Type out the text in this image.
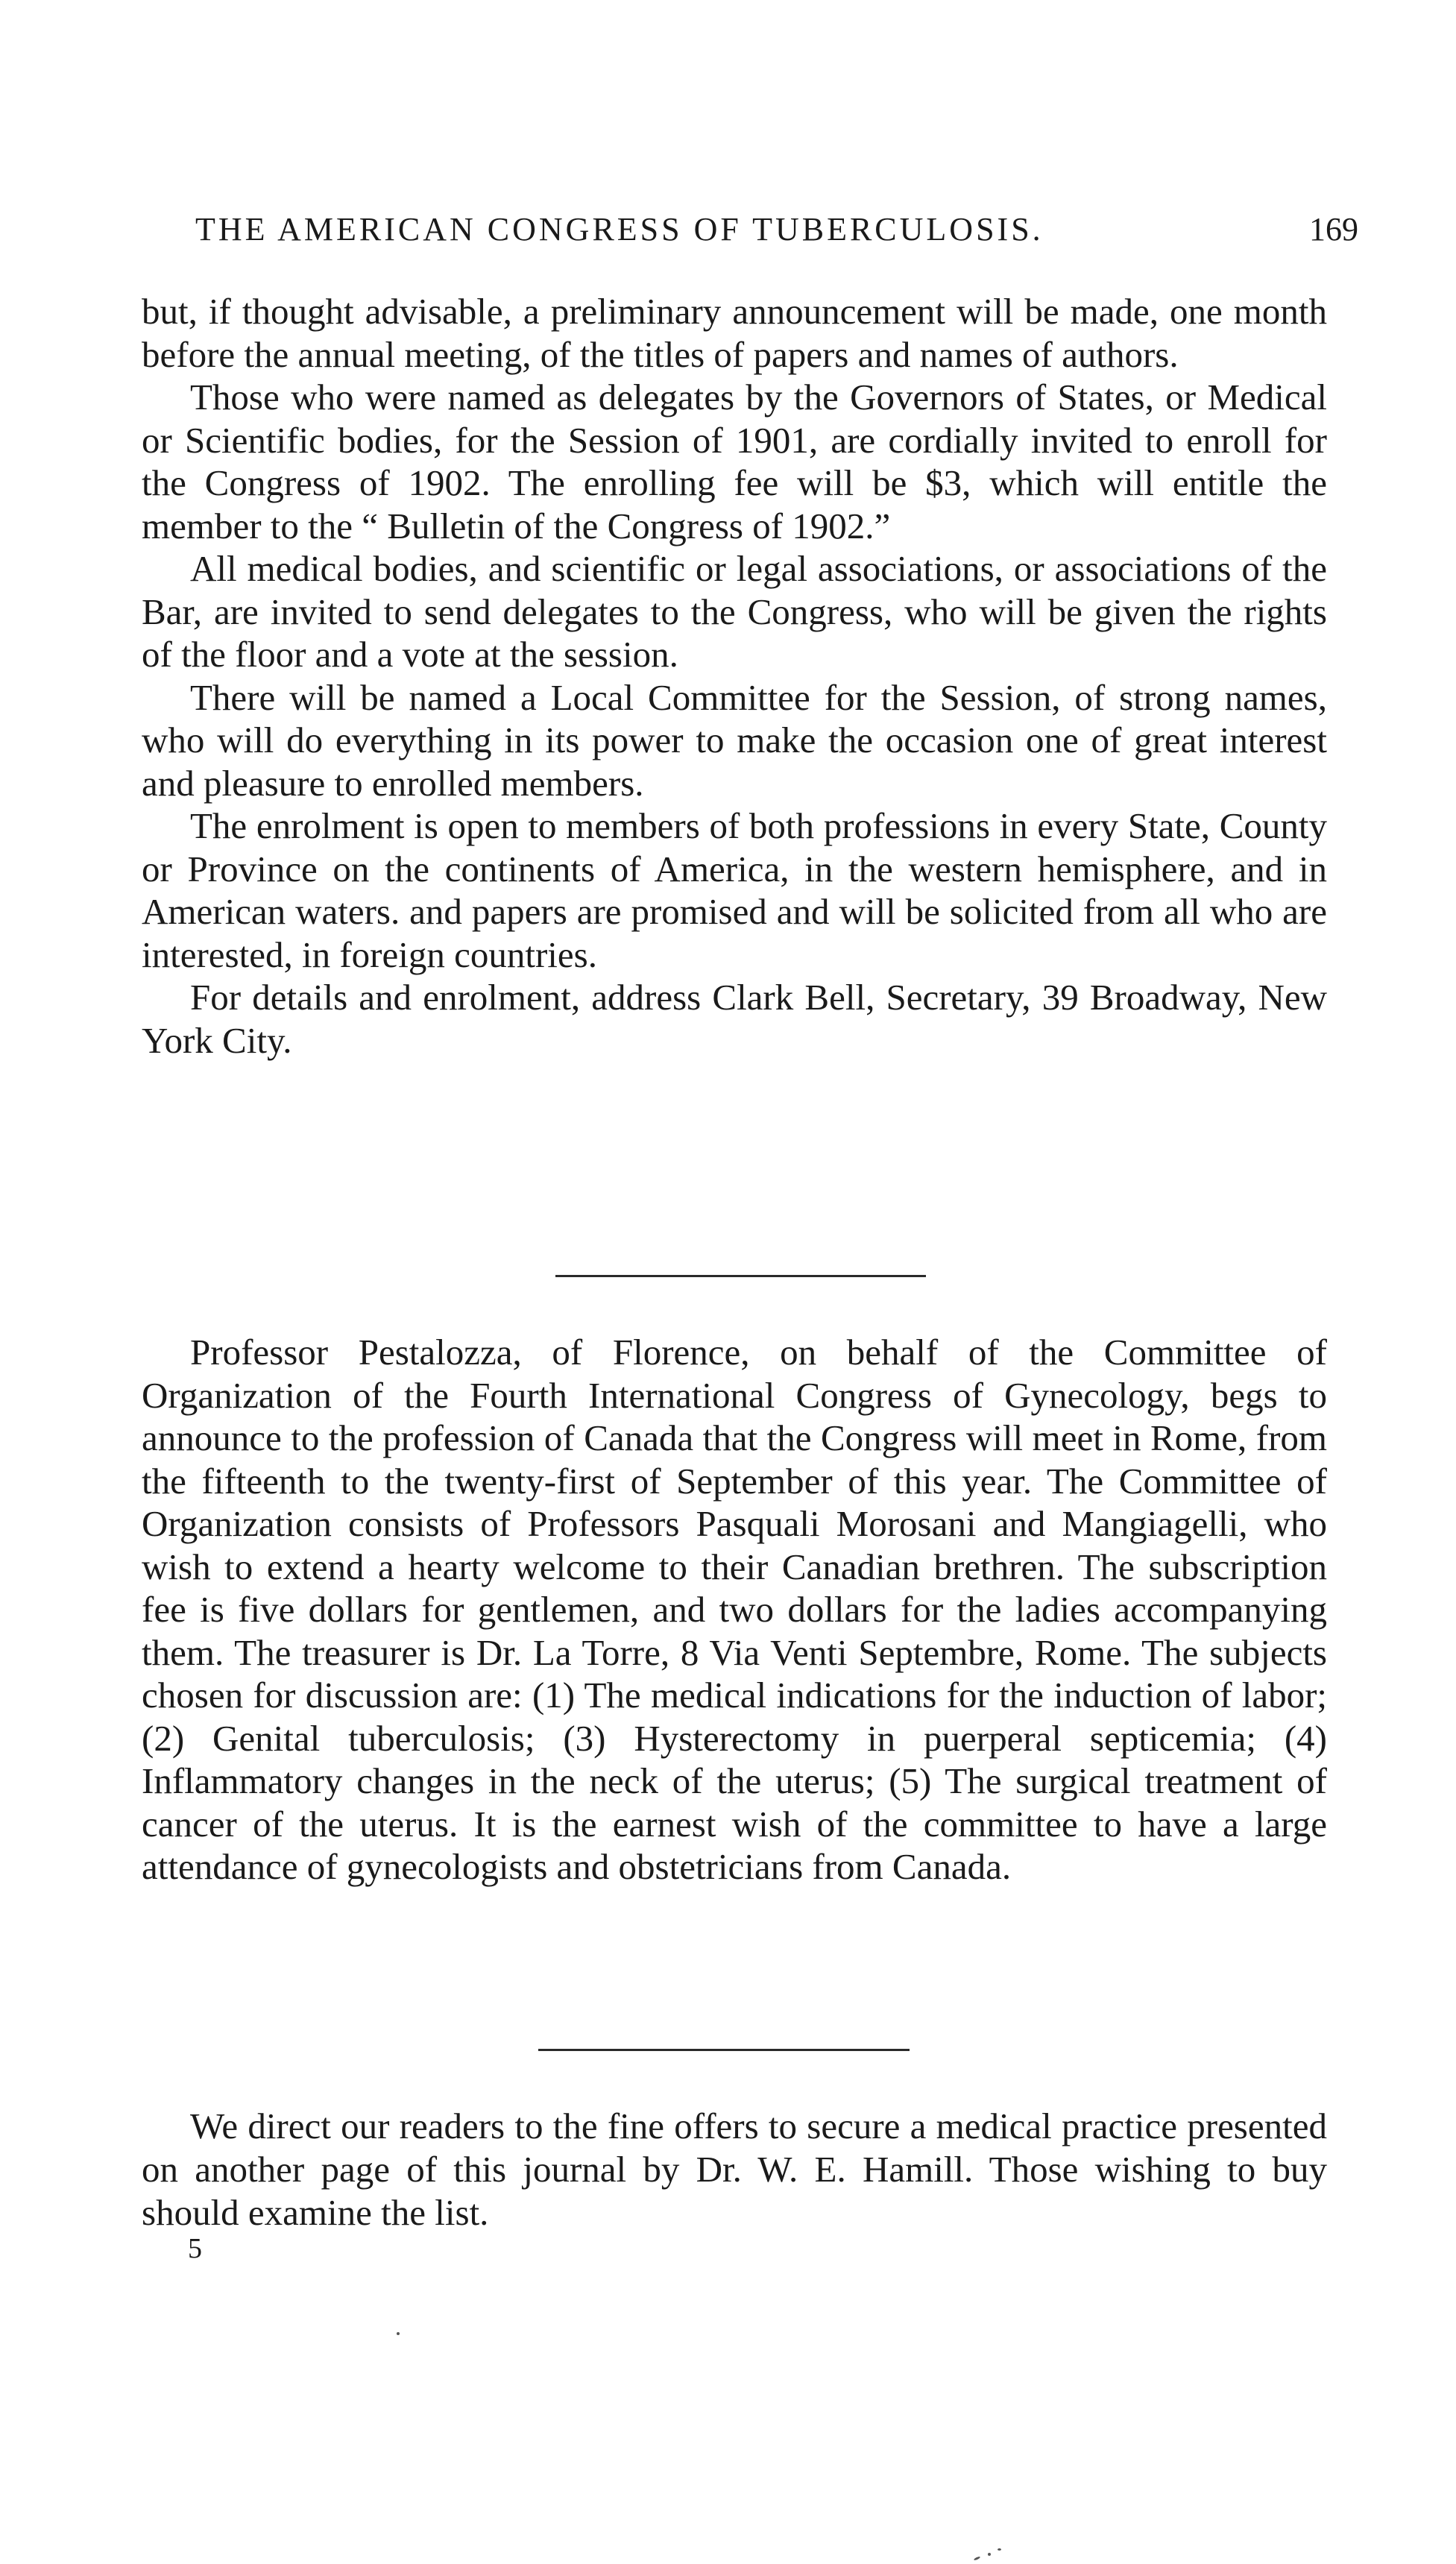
THE AMERICAN CONGRESS OF TUBERCULOSIS.	169

but, if thought advisable, a preliminary announcement will be made, one month before the annual meeting, of the titles of papers and names of authors.

Those who were named as delegates by the Governors of States, or Medical or Scientific bodies, for the Session of 1901, are cordially invited to enroll for the Congress of 1902. The enrolling fee will be $3, which will entitle the member to the “ Bulletin of the Congress of 1902.”

All medical bodies, and scientific or legal associations, or associations of the Bar, are invited to send delegates to the Congress, who will be given the rights of the floor and a vote at the session.

There will be named a Local Committee for the Session, of strong names, who will do everything in its power to make the occasion one of great interest and pleasure to enrolled members.

The enrolment is open to members of both professions in every State, County or Province on the continents of America, in the western hemisphere, and in American waters. and papers are promised and will be solicited from all who are interested, in foreign countries.

For details and enrolment, address Clark Bell, Secretary, 39 Broadway, New York City.

Professor Pestalozza, of Florence, on behalf of the Committee of Organization of the Fourth International Congress of Gynecology, begs to announce to the profession of Canada that the Congress will meet in Rome, from the fifteenth to the twenty-first of September of this year. The Committee of Organization consists of Professors Pasquali Morosani and Mangiagelli, who wish to extend a hearty welcome to their Canadian brethren. The subscription fee is five dollars for gentlemen, and two dollars for the ladies accompanying them. The treasurer is Dr. La Torre, 8 Via Venti Septembre, Rome. The subjects chosen for discussion are: (1) The medical indications for the induction of labor; (2) Genital tuberculosis; (3) Hysterectomy in puerperal septicemia; (4) Inflammatory changes in the neck of the uterus; (5) The surgical treatment of cancer of the uterus. It is the earnest wish of the committee to have a large attendance of gynecologists and obstetricians from Canada.

We direct our readers to the fine offers to secure a medical practice presented on another page of this journal by Dr. W. E. Hamill. Those wishing to buy should examine the list.

5
